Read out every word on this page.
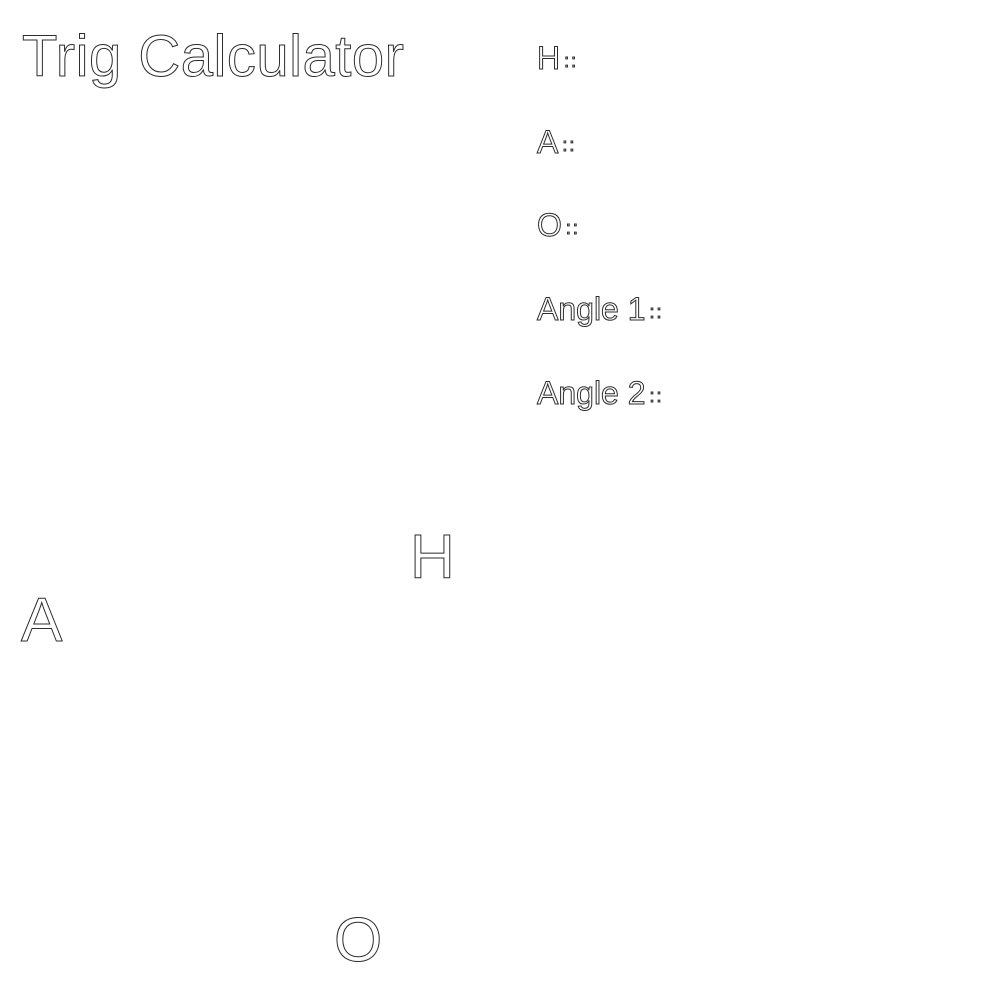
Trig Calculator	H ::
A ::
O ::
Angle 1 ::
Angle 2 ::
H
A
O
